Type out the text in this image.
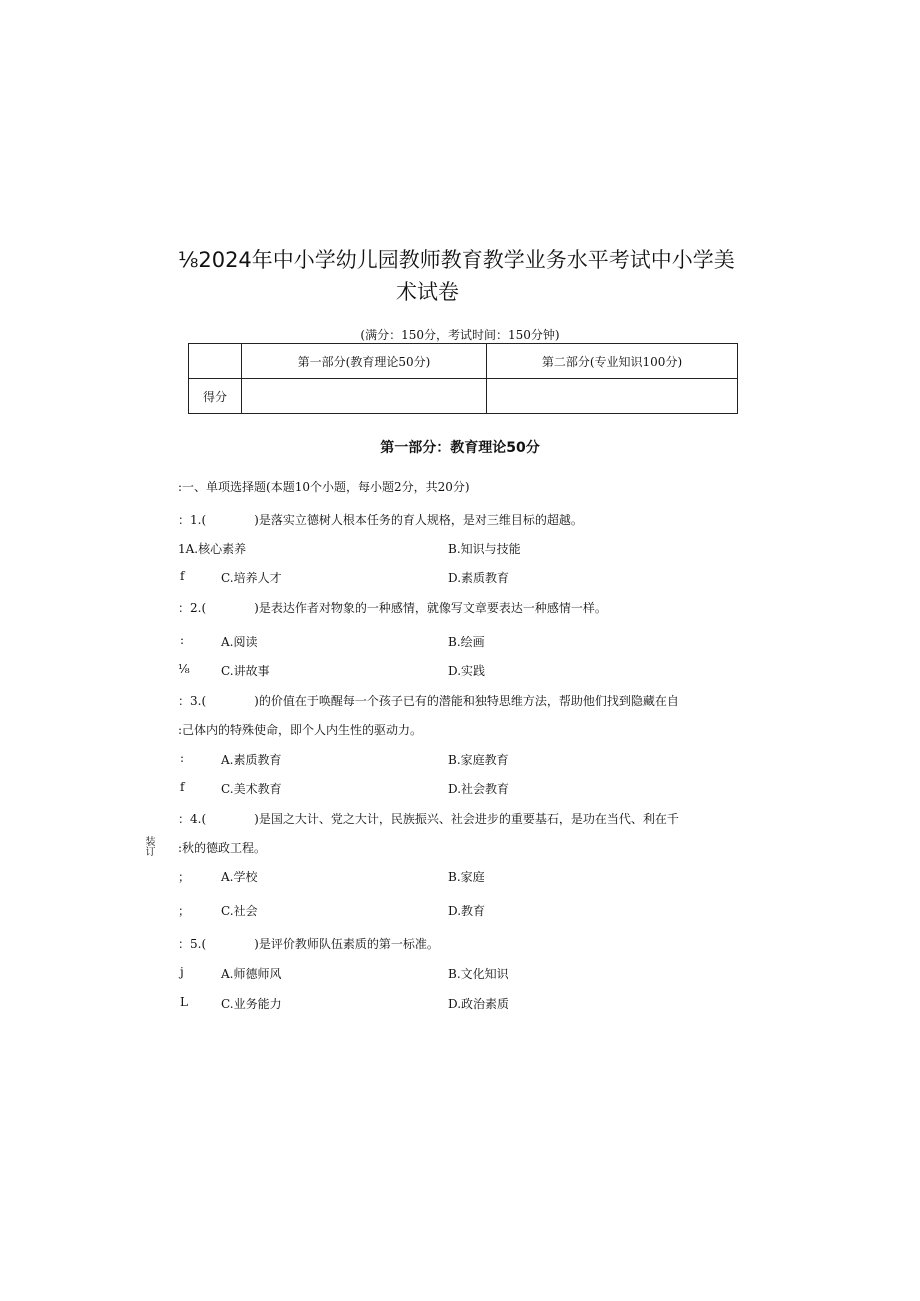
⅛2024年中小学幼儿园教师教育教学业务水平考试中小学美
术试卷
(满分：150分，考试时间：150分钟)
	第一部分(教育理论50分)	第二部分(专业知识100分)
得分		
第一部分：教育理论50分
:一、单项选择题(本题10个小题，每小题2分，共20分)
：1.(　　　　)是落实立德树人根本任务的育人规格，是对三维目标的超越。
1A.核心素养	B.知识与技能
f	C.培养人才	D.素质教育
：2.(　　　　)是表达作者对物象的一种感情，就像写文章要表达一种感情一样。
:	A.阅读	B.绘画
⅛	C.讲故事	D.实践
：3.(　　　　)的价值在于唤醒每一个孩子已有的潜能和独特思维方法，帮助他们找到隐藏在自
:己体内的特殊使命，即个人内生性的驱动力。
:	A.素质教育	B.家庭教育
f	C.美术教育	D.社会教育
：4.(　　　　)是国之大计、党之大计，民族振兴、社会进步的重要基石，是功在当代、利在千
:秋的德政工程。
；	A.学校	B.家庭
；	C.社会	D.教育
：5.(　　　　)是评价教师队伍素质的第一标准。
j	A.师德师风	B.文化知识
L	C.业务能力	D.政治素质
装订
